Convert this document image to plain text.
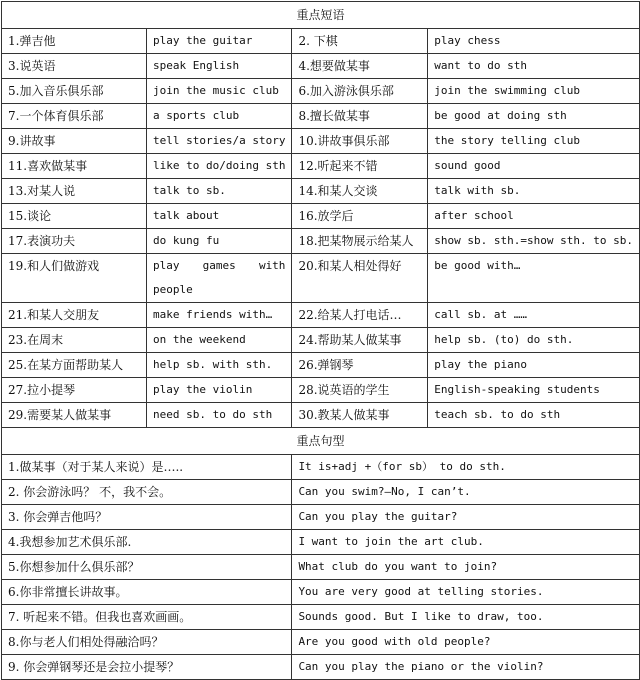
重点短语			
1.弹吉他	play the guitar	2. 下棋	play chess
3.说英语	speak English	4.想要做某事	want to do sth
5.加入音乐俱乐部	join the music club	6.加入游泳俱乐部	join the swimming club
7.一个体育俱乐部	a sports club	8.擅长做某事	be good at doing sth
9.讲故事	tell stories/a story	10.讲故事俱乐部	the story telling club
11.喜欢做某事	like to do/doing sth	12.听起来不错	sound good
13.对某人说	talk to sb.	14.和某人交谈	talk with sb.
15.谈论	talk about	16.放学后	after school
17.表演功夫	do kung fu	18.把某物展示给某人	show sb. sth.=show sth. to sb.
19.和人们做游戏	play games with people	20.和某人相处得好	be good with…
21.和某人交朋友	make friends with…	22.给某人打电话…	call sb. at ……
23.在周末	on the weekend	24.帮助某人做某事	help sb. (to) do sth.
25.在某方面帮助某人	help sb. with sth.	26.弹钢琴	play the piano
27.拉小提琴	play the violin	28.说英语的学生	English-speaking students
29.需要某人做某事	need sb. to do sth	30.教某人做某事	teach sb. to do sth
重点句型			
1.做某事（对于某人来说）是…..		It is+adj +（for sb） to do sth.	
2. 你会游泳吗？ 不，我不会。		Can you swim?—No, I can’t.	
3. 你会弹吉他吗？		Can you play the guitar?	
4.我想参加艺术俱乐部.		I want to join the art club.	
5.你想参加什么俱乐部？		What club do you want to join?	
6.你非常擅长讲故事。		You are very good at telling stories.	
7. 听起来不错。但我也喜欢画画。		Sounds good. But I like to draw, too.	
8.你与老人们相处得融洽吗？		Are you good with old people?	
9. 你会弹钢琴还是会拉小提琴？		Can you play the piano or the violin?	
